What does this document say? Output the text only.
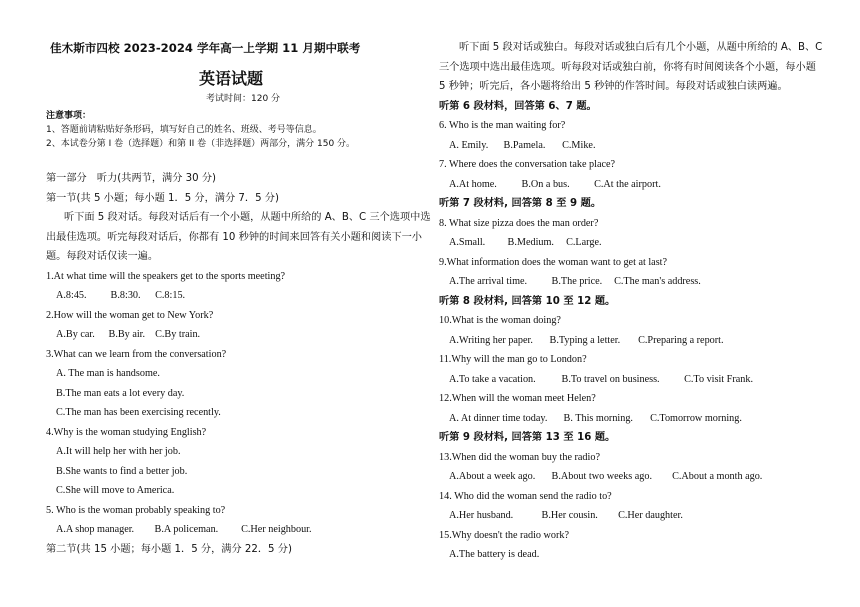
佳木斯市四校 2023-2024 学年高一上学期 11 月期中联考
英语试题
考试时间：120 分
注意事项：
1、答题前请粘贴好条形码，填写好自己的姓名、班级、考号等信息。
2、本试卷分第 I 卷（选择题）和第 II 卷（非选择题）两部分，满分 150 分。
第一部分　听力(共两节，满分 30 分)
第一节(共 5 小题；每小题 1．5 分，满分 7．5 分)
听下面 5 段对话。每段对话后有一个小题，从题中所给的 A、B、C 三个选项中选
出最佳选项。听完每段对话后，你都有 10 秒钟的时间来回答有关小题和阅读下一小
题。每段对话仅读一遍。
1.At what time will the speakers get to the sports meeting?
A.8:45. B.8:30. C.8:15.
2.How will the woman get to New York?
A.By car. B.By air. C.By train.
3.What can we learn from the conversation?
A. The man is handsome.
B.The man eats a lot every day.
C.The man has been exercising recently.
4.Why is the woman studying English?
A.It will help her with her job.
B.She wants to find a better job.
C.She will move to America.
5. Who is the woman probably speaking to?
A.A shop manager. B.A policeman. C.Her neighbour.
第二节(共 15 小题；每小题 1．5 分，满分 22．5 分)
听下面 5 段对话或独白。每段对话或独白后有几个小题，从题中所给的 A、B、C
三个选项中选出最佳选项。听每段对话或独白前，你将有时间阅读各个小题，每小题
5 秒钟；听完后，各小题将给出 5 秒钟的作答时间。每段对话或独白读两遍。
听第 6 段材料，回答第 6、7 题。
6. Who is the man waiting for?
A. Emily. B.Pamela. C.Mike.
7. Where does the conversation take place?
A.At home. B.On a bus. C.At the airport.
听第 7 段材料, 回答第 8 至 9 题。
8. What size pizza does the man order?
A.Small. B.Medium. C.Large.
9.What information does the woman want to get at last?
A.The arrival time. B.The price. C.The man's address.
听第 8 段材料, 回答第 10 至 12 题。
10.What is the woman doing?
A.Writing her paper. B.Typing a letter. C.Preparing a report.
11.Why will the man go to London?
A.To take a vacation.	B.To travel on business. C.To visit Frank.
12.When will the woman meet Helen?
A. At dinner time today. B. This morning. C.Tomorrow morning.
听第 9 段材料, 回答第 13 至 16 题。
13.When did the woman buy the radio?
A.About a week ago. B.About two weeks ago. C.About a month ago.
14. Who did the woman send the radio to?
A.Her husband.	B.Her cousin. C.Her daughter.
15.Why doesn't the radio work?
A.The battery is dead.
